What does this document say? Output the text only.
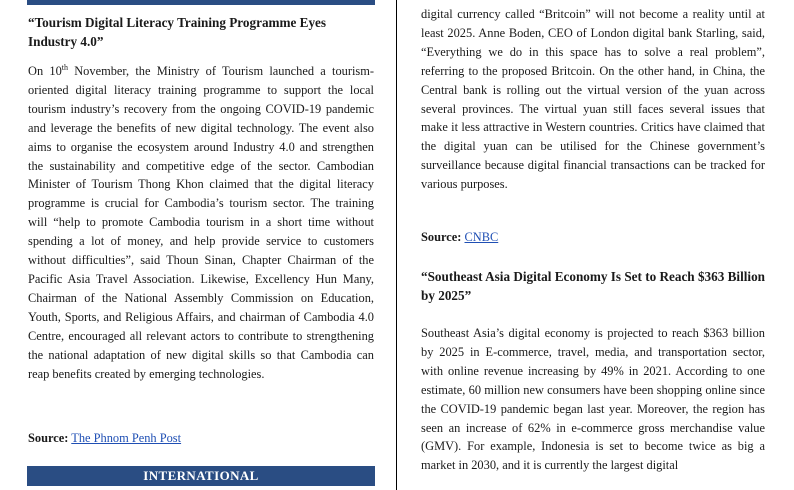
“Tourism Digital Literacy Training Programme Eyes Industry 4.0”

On 10th November, the Ministry of Tourism launched a tourism-oriented digital literacy training programme to support the local tourism industry’s recovery from the ongoing COVID-19 pandemic and leverage the benefits of new digital technology. The event also aims to organise the ecosystem around Industry 4.0 and strengthen the sustainability and competitive edge of the sector. Cambodian Minister of Tourism Thong Khon claimed that the digital literacy programme is crucial for Cambodia’s tourism sector. The training will “help to promote Cambodia tourism in a short time without spending a lot of money, and help provide service to customers without difficulties”, said Thoun Sinan, Chapter Chairman of the Pacific Asia Travel Association. Likewise, Excellency Hun Many, Chairman of the National Assembly Commission on Education, Youth, Sports, and Religious Affairs, and chairman of Cambodia 4.0 Centre, encouraged all relevant actors to contribute to strengthening the national adaptation of new digital skills so that Cambodia can reap benefits created by emerging technologies.

Source: The Phnom Penh Post

INTERNATIONAL

digital currency called “Britcoin” will not become a reality until at least 2025. Anne Boden, CEO of London digital bank Starling, said, “Everything we do in this space has to solve a real problem”, referring to the proposed Britcoin. On the other hand, in China, the Central bank is rolling out the virtual version of the yuan across several provinces. The virtual yuan still faces several issues that make it less attractive in Western countries. Critics have claimed that the digital yuan can be utilised for the Chinese government’s surveillance because digital financial transactions can be tracked for various purposes.

Source: CNBC

“Southeast Asia Digital Economy Is Set to Reach $363 Billion by 2025”

Southeast Asia’s digital economy is projected to reach $363 billion by 2025 in E-commerce, travel, media, and transportation sector, with online revenue increasing by 49% in 2021. According to one estimate, 60 million new consumers have been shopping online since the COVID-19 pandemic began last year. Moreover, the region has seen an increase of 62% in e-commerce gross merchandise value (GMV). For example, Indonesia is set to become twice as big a market in 2030, and it is currently the largest digital
